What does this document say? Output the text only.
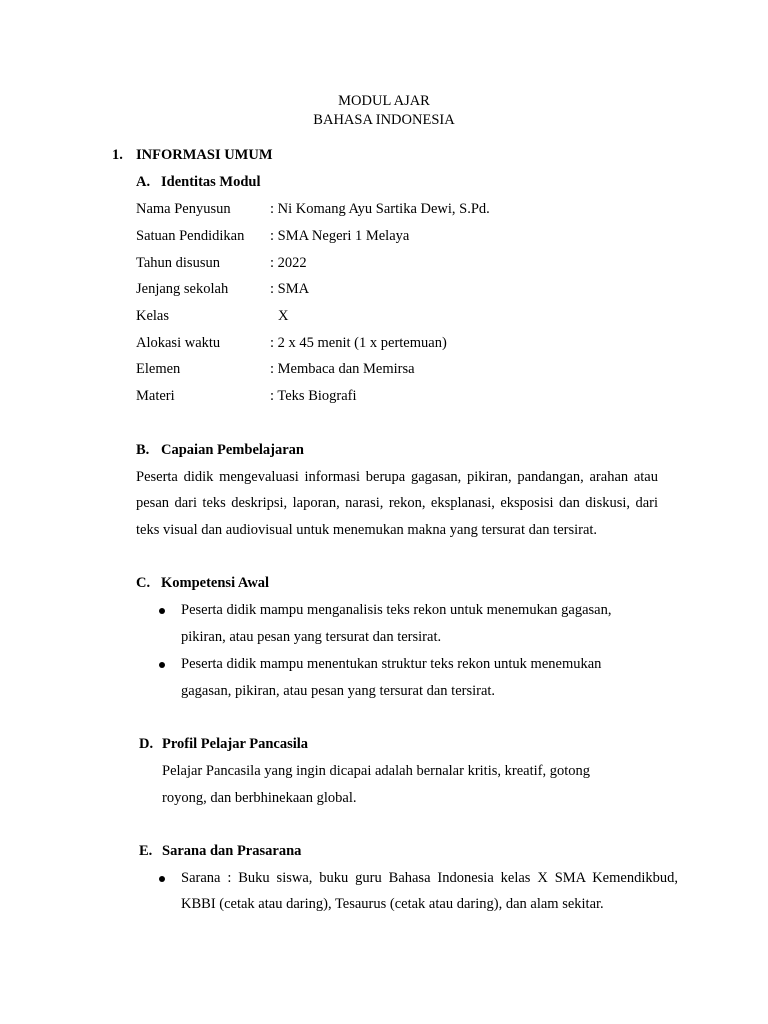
MODUL AJAR
BAHASA INDONESIA
1. INFORMASI UMUM
A. Identitas Modul
Nama Penyusun	: Ni Komang Ayu Sartika Dewi, S.Pd.
Satuan Pendidikan : SMA Negeri 1 Melaya
Tahun disusun	: 2022
Jenjang sekolah	: SMA
Kelas	X
Alokasi waktu	: 2 x 45 menit (1 x pertemuan)
Elemen	: Membaca dan Memirsa
Materi	: Teks Biografi
B. Capaian Pembelajaran
Peserta didik mengevaluasi informasi berupa gagasan, pikiran, pandangan, arahan atau
pesan dari teks deskripsi, laporan, narasi, rekon, eksplanasi, eksposisi dan diskusi, dari
teks visual dan audiovisual untuk menemukan makna yang tersurat dan tersirat.
C. Kompetensi Awal
Peserta didik mampu menganalisis teks rekon untuk menemukan gagasan,
pikiran, atau pesan yang tersurat dan tersirat.
Peserta didik mampu menentukan struktur teks rekon untuk menemukan
gagasan, pikiran, atau pesan yang tersurat dan tersirat.
D. Profil Pelajar Pancasila
Pelajar Pancasila yang ingin dicapai adalah bernalar kritis, kreatif, gotong
royong, dan berbhinekaan global.
E. Sarana dan Prasarana
Sarana : Buku siswa, buku guru Bahasa Indonesia kelas X SMA Kemendikbud,
KBBI (cetak atau daring), Tesaurus (cetak atau daring), dan alam sekitar.
